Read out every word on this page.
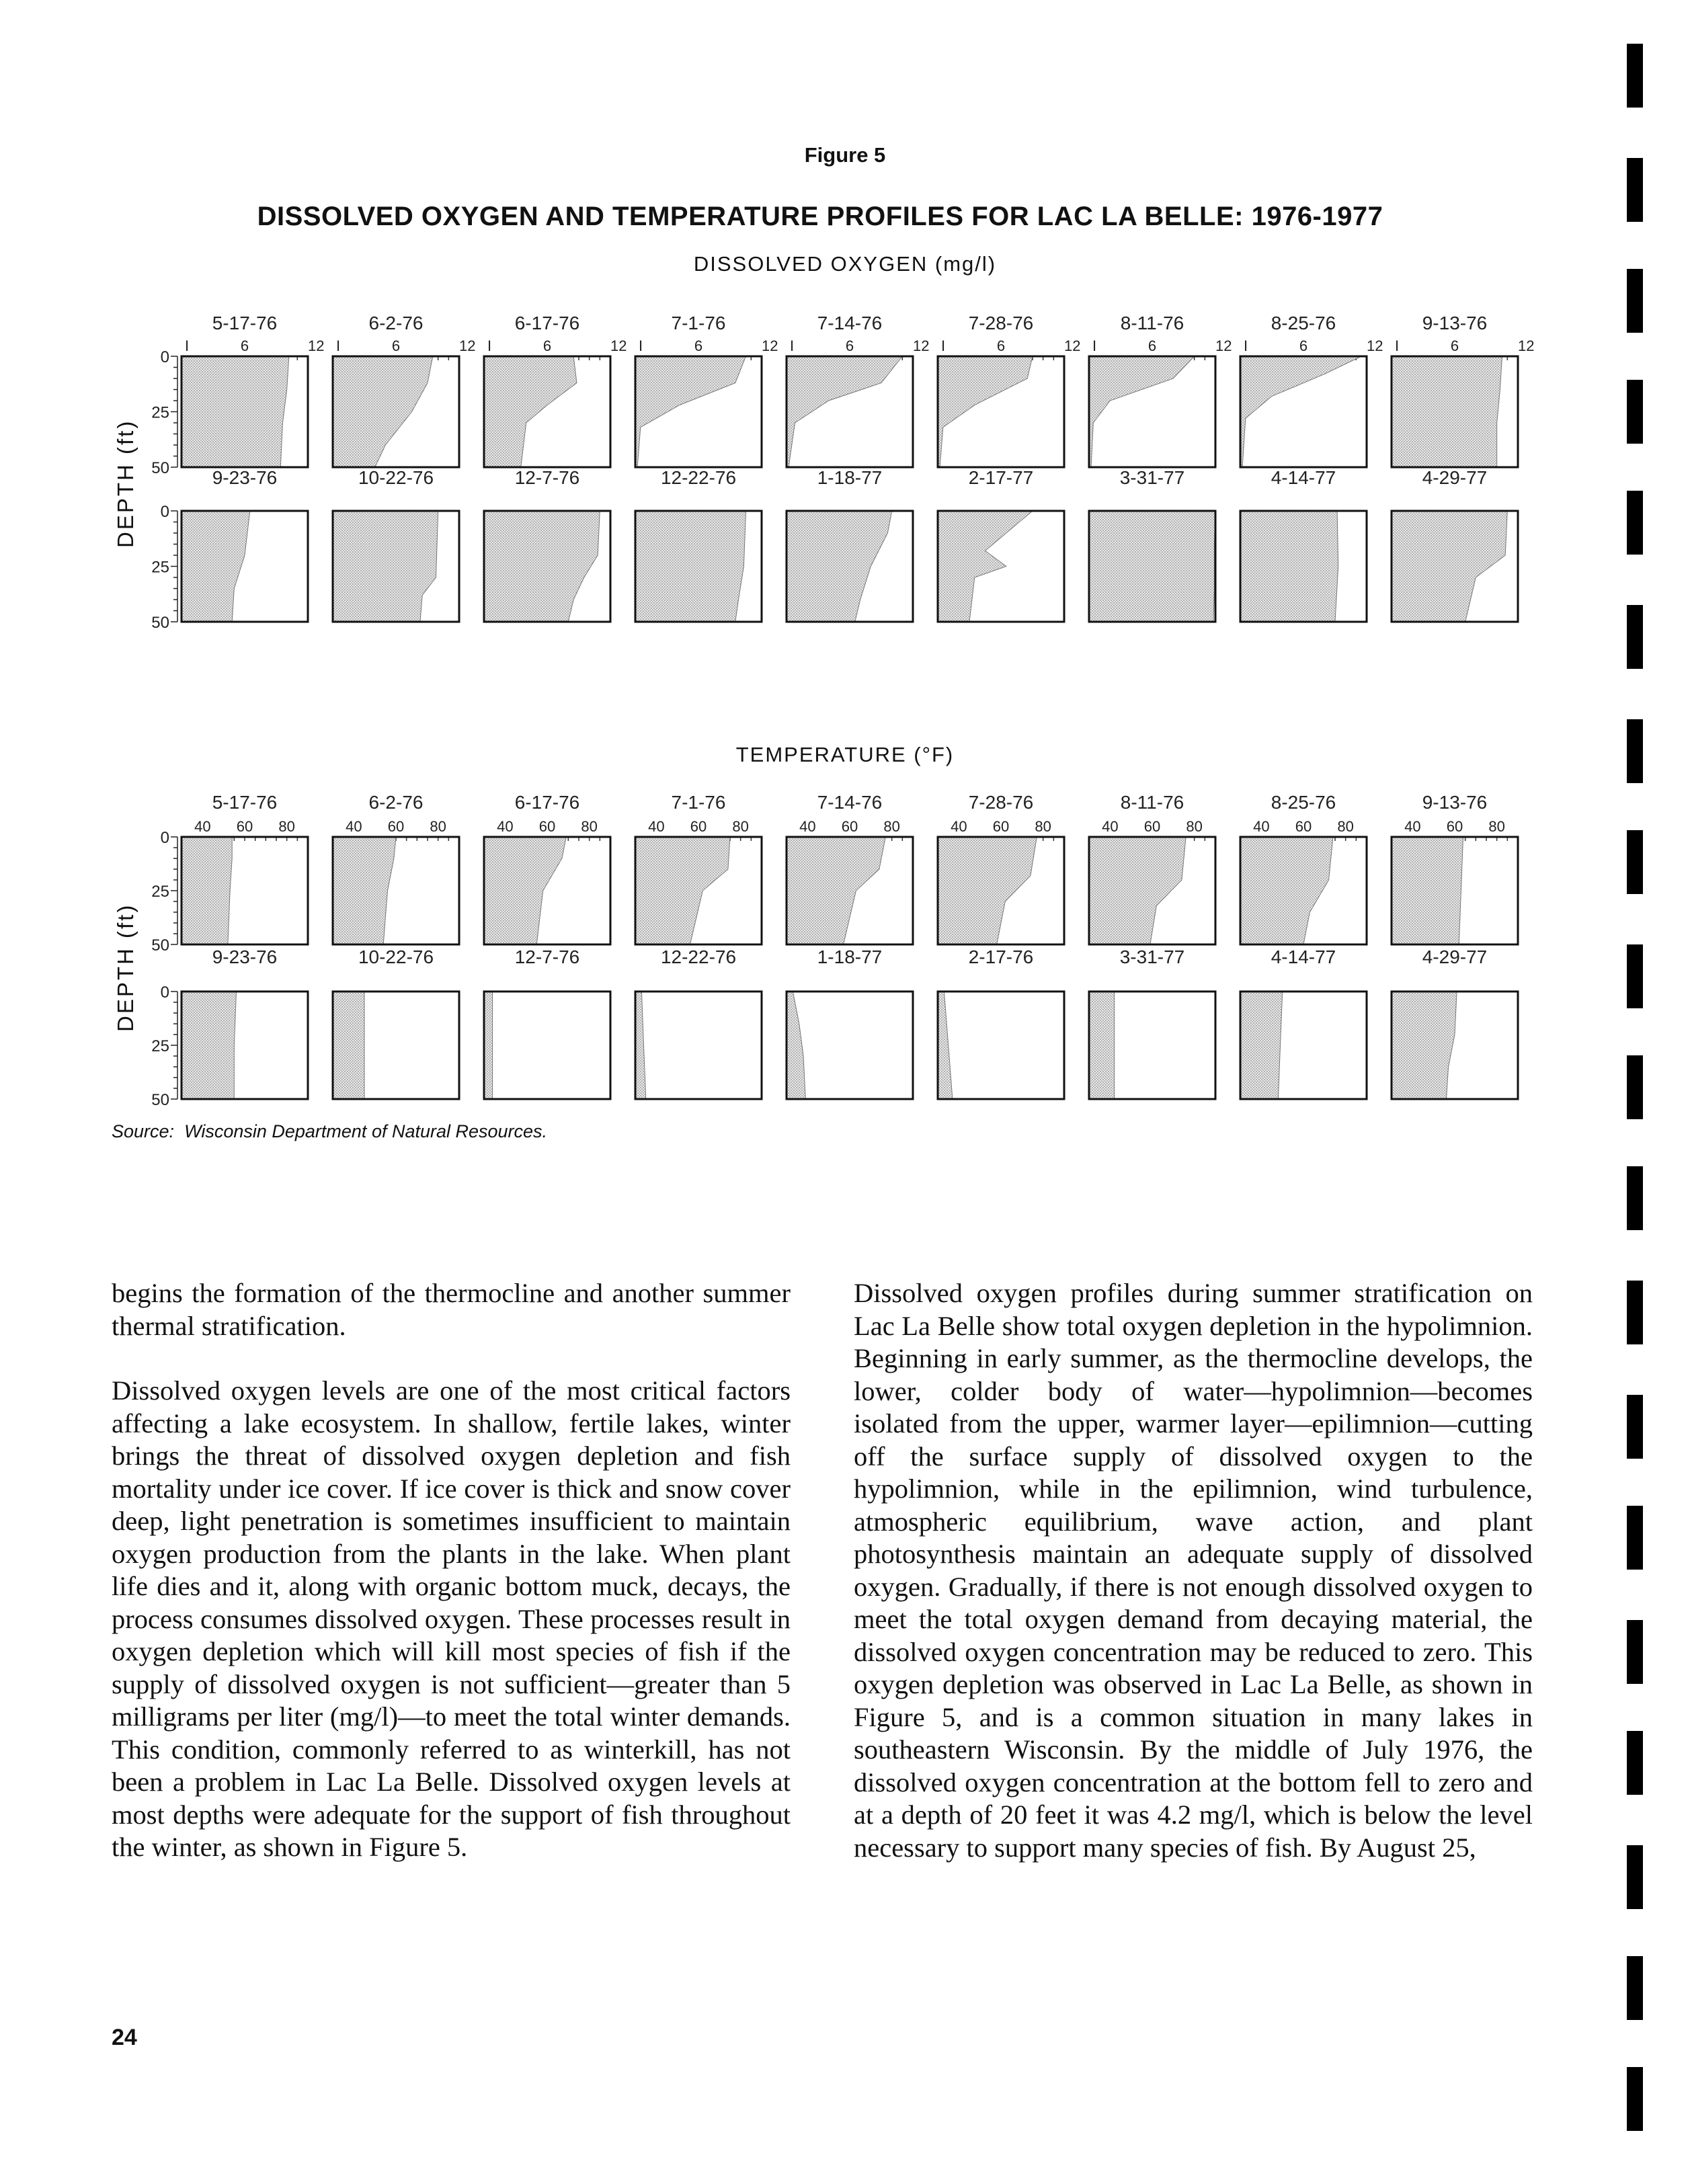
Figure 5
DISSOLVED OXYGEN AND TEMPERATURE PROFILES FOR LAC LA BELLE: 1976-1977
DISSOLVED OXYGEN (mg/l)
TEMPERATURE (°F)
DEPTH (ft)
DEPTH (ft)
5-17-76
I	6	12
6-2-76
I	6	12
6-17-76
I	6	12
7-1-76
I	6	12
7-14-76
I	6	12
7-28-76
I	6	12
8-11-76
I	6	12
8-25-76
I	6	12
9-13-76
I	6	12
9-23-76	10-22-76	12-7-76	12-22-76	1-18-77	2-17-77	3-31-77	4-14-77	4-29-77
0
25
50
0
25
50
5-17-76
40 60 80
6-2-76
40 60 80
6-17-76
40 60 80
7-1-76
40 60 80
7-14-76
40 60 80
7-28-76
40 60 80
8-11-76
40 60 80
8-25-76
40 60 80
9-13-76
40 60 80
9-23-76	10-22-76	12-7-76	12-22-76	1-18-77	2-17-76	3-31-77	4-14-77	4-29-77
0
25
50
0
25
50
Source: Wisconsin Department of Natural Resources.

begins the formation of the thermocline and another summer thermal stratification.

Dissolved oxygen levels are one of the most critical factors affecting a lake ecosystem. In shallow, fertile lakes, winter brings the threat of dissolved oxygen depletion and fish mortality under ice cover. If ice cover is thick and snow cover deep, light penetration is sometimes insufficient to maintain oxygen production from the plants in the lake. When plant life dies and it, along with organic bottom muck, decays, the process consumes dissolved oxygen. These processes result in oxygen depletion which will kill most species of fish if the supply of dissolved oxygen is not sufficient—greater than 5 milligrams per liter (mg/l)—to meet the total winter demands. This condition, commonly referred to as winterkill, has not been a problem in Lac La Belle. Dissolved oxygen levels at most depths were adequate for the support of fish throughout the winter, as shown in Figure 5.

Dissolved oxygen profiles during summer stratification on Lac La Belle show total oxygen depletion in the hypolimnion. Beginning in early summer, as the thermocline develops, the lower, colder body of water—hypolimnion—becomes isolated from the upper, warmer layer—epilimnion—cutting off the surface supply of dissolved oxygen to the hypolimnion, while in the epilimnion, wind turbulence, atmospheric equilibrium, wave action, and plant photosynthesis maintain an adequate supply of dissolved oxygen. Gradually, if there is not enough dissolved oxygen to meet the total oxygen demand from decaying material, the dissolved oxygen concentration may be reduced to zero. This oxygen depletion was observed in Lac La Belle, as shown in Figure 5, and is a common situation in many lakes in southeastern Wisconsin. By the middle of July 1976, the dissolved oxygen concentration at the bottom fell to zero and at a depth of 20 feet it was 4.2 mg/l, which is below the level necessary to support many species of fish. By August 25,

24
